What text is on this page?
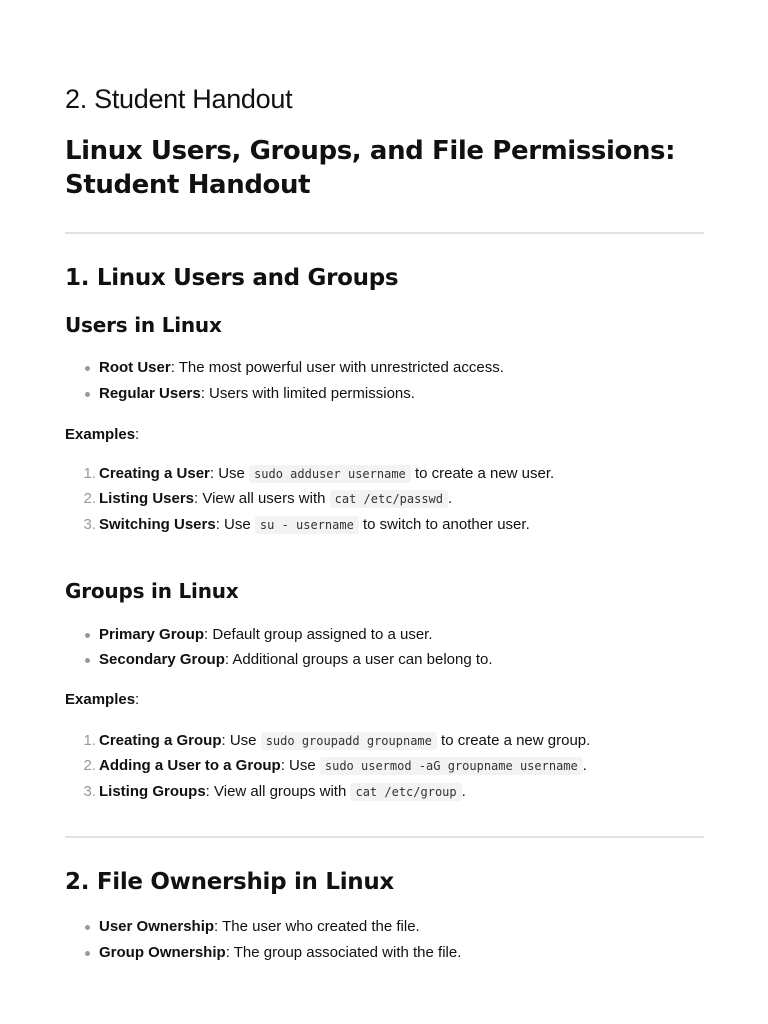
2. Student Handout
Linux Users, Groups, and File Permissions: Student Handout
1. Linux Users and Groups
Users in Linux
Root User: The most powerful user with unrestricted access.
Regular Users: Users with limited permissions.
Examples:
1. Creating a User: Use sudo adduser username to create a new user.
2. Listing Users: View all users with cat /etc/passwd .
3. Switching Users: Use su - username to switch to another user.
Groups in Linux
Primary Group: Default group assigned to a user.
Secondary Group: Additional groups a user can belong to.
Examples:
1. Creating a Group: Use sudo groupadd groupname to create a new group.
2. Adding a User to a Group: Use sudo usermod -aG groupname username .
3. Listing Groups: View all groups with cat /etc/group .
2. File Ownership in Linux
User Ownership: The user who created the file.
Group Ownership: The group associated with the file.
